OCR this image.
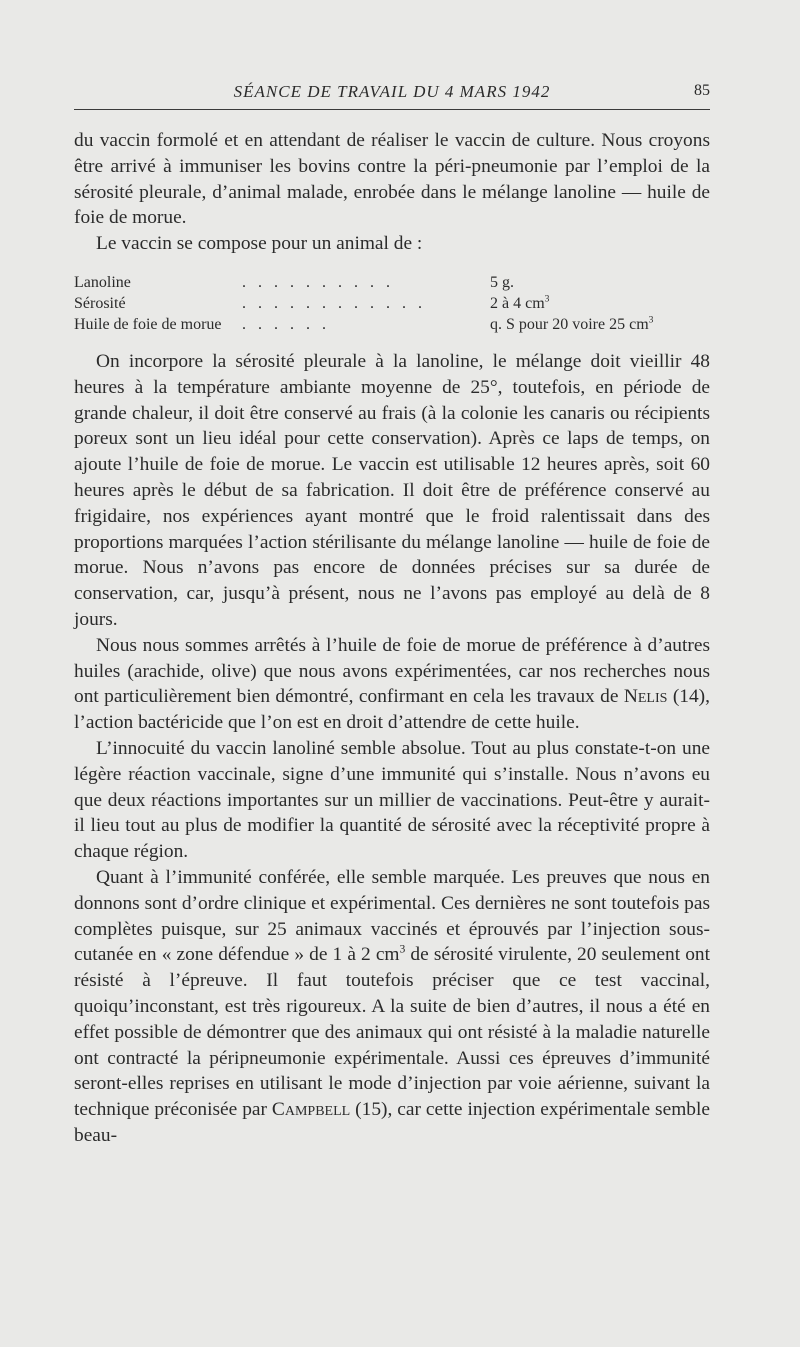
SÉANCE DE TRAVAIL DU 4 MARS 1942	85

du vaccin formolé et en attendant de réaliser le vaccin de culture. Nous croyons être arrivé à immuniser les bovins contre la péri-pneumonie par l’emploi de la sérosité pleurale, d’animal malade, enrobée dans le mélange lanoline — huile de foie de morue.

Le vaccin se compose pour un animal de :

Lanoline	. . . . . . . . . .	5 g.
Sérosité	. . . . . . . . . . . .	2 à 4 $cm^3$
Huile de foie de morue	. . . . . .	q. S pour 20 voire 25 $cm^3$

On incorpore la sérosité pleurale à la lanoline, le mélange doit vieillir 48 heures à la température ambiante moyenne de 25°, toutefois, en période de grande chaleur, il doit être conservé au frais (à la colonie les canaris ou récipients poreux sont un lieu idéal pour cette conservation). Après ce laps de temps, on ajoute l’huile de foie de morue. Le vaccin est utilisable 12 heures après, soit 60 heures après le début de sa fabrication. Il doit être de préférence conservé au frigidaire, nos expériences ayant montré que le froid ralentissait dans des proportions marquées l’action stérilisante du mélange lanoline — huile de foie de morue. Nous n’avons pas encore de données précises sur sa durée de conservation, car, jusqu’à présent, nous ne l’avons pas employé au delà de 8 jours.

Nous nous sommes arrêtés à l’huile de foie de morue de préférence à d’autres huiles (arachide, olive) que nous avons expérimentées, car nos recherches nous ont particulièrement bien démontré, confirmant en cela les travaux de Nelis (14), l’action bactéricide que l’on est en droit d’attendre de cette huile.

L’innocuité du vaccin lanoliné semble absolue. Tout au plus constate-t-on une légère réaction vaccinale, signe d’une immunité qui s’installe. Nous n’avons eu que deux réactions importantes sur un millier de vaccinations. Peut-être y aurait-il lieu tout au plus de modifier la quantité de sérosité avec la réceptivité propre à chaque région.

Quant à l’immunité conférée, elle semble marquée. Les preuves que nous en donnons sont d’ordre clinique et expérimental. Ces dernières ne sont toutefois pas complètes puisque, sur 25 animaux vaccinés et éprouvés par l’injection sous-cutanée en « zone défendue » de 1 à 2 $cm^3$ de sérosité virulente, 20 seulement ont résisté à l’épreuve. Il faut toutefois préciser que ce test vaccinal, quoiqu’inconstant, est très rigoureux. A la suite de bien d’autres, il nous a été en effet possible de démontrer que des animaux qui ont résisté à la maladie naturelle ont contracté la péripneumonie expérimentale. Aussi ces épreuves d’immunité seront-elles reprises en utilisant le mode d’injection par voie aérienne, suivant la technique préconisée par Campbell (15), car cette injection expérimentale semble beau-
